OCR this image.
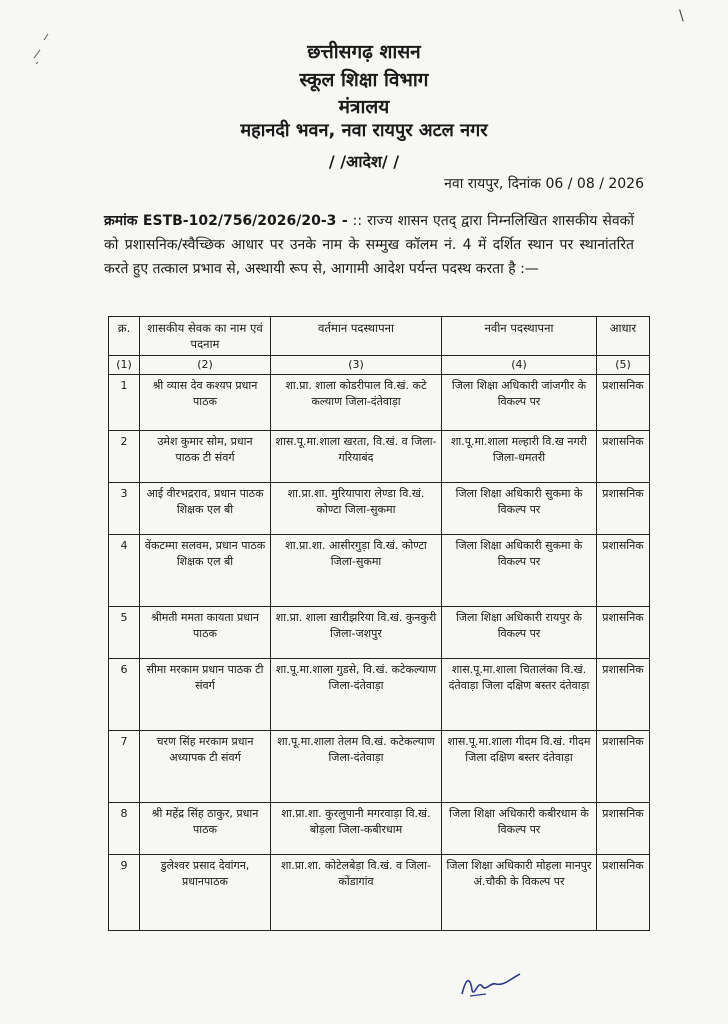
\
छत्तीसगढ़ शासन
स्कूल शिक्षा विभाग
मंत्रालय
महानदी भवन, नवा रायपुर अटल नगर
/ /आदेश/ /
नवा रायपुर, दिनांक 06 / 08 / 2026
क्रमांक ESTB-102/756/2026/20-3 - :: राज्य शासन एतद् द्वारा निम्नलिखित शासकीय सेवकों को प्रशासनिक/स्वैच्छिक आधार पर उनके नाम के सम्मुख कॉलम नं. 4 में दर्शित स्थान पर स्थानांतरित करते हुए तत्काल प्रभाव से, अस्थायी रूप से, आगामी आदेश पर्यन्त पदस्थ करता है :—
क्र.	शासकीय सेवक का नाम एवं पदनाम	वर्तमान पदस्थापना	नवीन पदस्थापना	आधार
(1)	(2)	(3)	(4)	(5)
1	श्री व्यास देव कश्यप प्रधान पाठक	शा.प्रा. शाला कोडरीपाल वि.खं. कटे कल्याण जिला-दंतेवाड़ा	जिला शिक्षा अधिकारी जांजगीर के विकल्प पर	प्रशासनिक
2	उमेश कुमार सोम, प्रधान पाठक टी संवर्ग	शास.पू.मा.शाला खरता, वि.खं. व जिला-गरियाबंद	शा.पू.मा.शाला मल्हारी वि.ख नगरी जिला-धमतरी	प्रशासनिक
3	आई वीरभद्रराव, प्रधान पाठक शिक्षक एल बी	शा.प्रा.शा. मुरियापारा लेण्डा वि.खं. कोण्टा जिला-सुकमा	जिला शिक्षा अधिकारी सुकमा के विकल्प पर	प्रशासनिक
4	वेंकटम्मा सलवम, प्रधान पाठक शिक्षक एल बी	शा.प्रा.शा. आसीरगुड़ा वि.खं. कोण्टा जिला-सुकमा	जिला शिक्षा अधिकारी सुकमा के विकल्प पर	प्रशासनिक
5	श्रीमती ममता कायता प्रधान पाठक	शा.प्रा. शाला खारीझरिया वि.खं. कुनकुरी जिला-जशपुर	जिला शिक्षा अधिकारी रायपुर के विकल्प पर	प्रशासनिक
6	सीमा मरकाम प्रधान पाठक टी संवर्ग	शा.पू.मा.शाला गुडसे, वि.खं. कटेकल्याण जिला-दंतेवाड़ा	शास.पू.मा.शाला चितालंका वि.खं. दंतेवाड़ा जिला दक्षिण बस्तर दंतेवाड़ा	प्रशासनिक
7	चरण सिंह मरकाम प्रधान अध्यापक टी संवर्ग	शा.पू.मा.शाला तेलम वि.खं. कटेकल्याण जिला-दंतेवाड़ा	शास.पू.मा.शाला गीदम वि.खं. गीदम जिला दक्षिण बस्तर दंतेवाड़ा	प्रशासनिक
8	श्री महेंद्र सिंह ठाकुर, प्रधान पाठक	शा.प्रा.शा. कुरलुपानी मगरवाड़ा वि.खं. बोड़ला जिला-कबीरधाम	जिला शिक्षा अधिकारी कबीरधाम के विकल्प पर	प्रशासनिक
9	डुलेश्वर प्रसाद देवांगन, प्रधानपाठक	शा.प्रा.शा. कोटेलबेड़ा वि.खं. व जिला-कोंडागांव	जिला शिक्षा अधिकारी मोहला मानपुर अं.चौकी के विकल्प पर	प्रशासनिक
